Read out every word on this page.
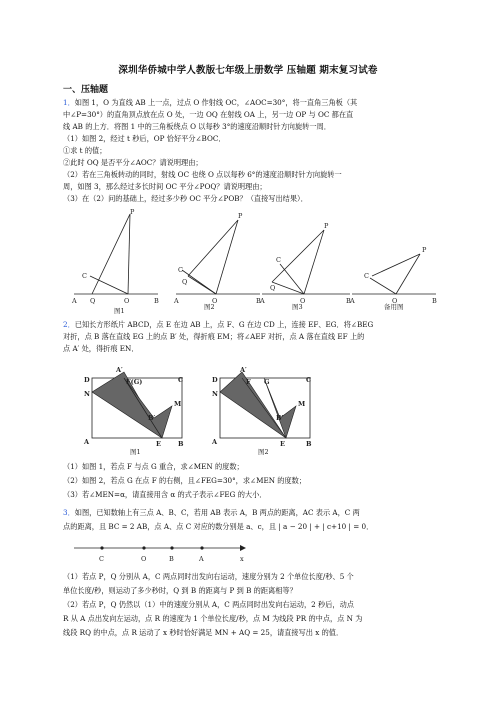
深圳华侨城中学人教版七年级上册数学 压轴题 期末复习试卷
一、压轴题
1．如图 1，O 为直线 AB 上一点，过点 O 作射线 OC，∠AOC=30°，将一直角三角板（其
中∠P=30°）的直角顶点放在点 O 处，一边 OQ 在射线 OA 上，另一边 OP 与 OC 都在直
线 AB 的上方．将图 1 中的三角板绕点 O 以每秒 3°的速度沿顺时针方向旋转一周．
（1）如图 2，经过 t 秒后，OP 恰好平分∠BOC．
①求 t 的值；
②此时 OQ 是否平分∠AOC？请说明理由；
（2）若在三角板转动的同时，射线 OC 也绕 O 点以每秒 6°的速度沿顺时针方向旋转一
周，如图 3，那么经过多长时间 OC 平分∠POQ？请说明理由；
（3）在（2）问的基础上，经过多少秒 OC 平分∠POB？（直接写出结果）．
A Q	O	B
C
P
A	O	B
C
Q
P
A	O	B
Q
C
P
A	O	B
C
P
图1	图2	图3	备用图
2．已知长方形纸片 ABCD，点 E 在边 AB 上，点 F、G 在边 CD 上，连接 EF、EG．将∠BEG
对折，点 B 落在直线 EG 上的点 B′ 处，得折痕 EM；将∠AEF 对折，点 A 落在直线 EF 上的
点 A′ 处，得折痕 EN．
D
A′
F(G)	C
N
B′
M
A	E	B
D
A′
F G	C
N
B′
M
A	E	B
图1	图2
（1）如图 1，若点 F 与点 G 重合，求∠MEN 的度数；
（2）如图 2，若点 G 在点 F 的右侧，且∠FEG=30°，求∠MEN 的度数；
（3）若∠MEN=α，请直接用含 α 的式子表示∠FEG 的大小．
3．如图，已知数轴上有三点 A、B、C，若用 AB 表示 A，B 两点的距离，AC 表示 A，C 两
点的距离，且 BC = 2 AB，点 A、点 C 对应的数分别是 a、c，且 | a − 20 | + | c+10 | = 0．
C	O	B	A	x
（1）若点 P，Q 分别从 A，C 两点同时出发向右运动，速度分别为 2 个单位长度/秒、5 个
单位长度/秒，则运动了多少秒时，Q 到 B 的距离与 P 到 B 的距离相等？
（2）若点 P，Q 仍然以（1）中的速度分别从 A，C 两点同时出发向右运动，2 秒后，动点
R 从 A 点出发向左运动，点 R 的速度为 1 个单位长度/秒，点 M 为线段 PR 的中点，点 N 为
线段 RQ 的中点，点 R 运动了 x 秒时恰好满足 MN + AQ = 25，请直接写出 x 的值．
